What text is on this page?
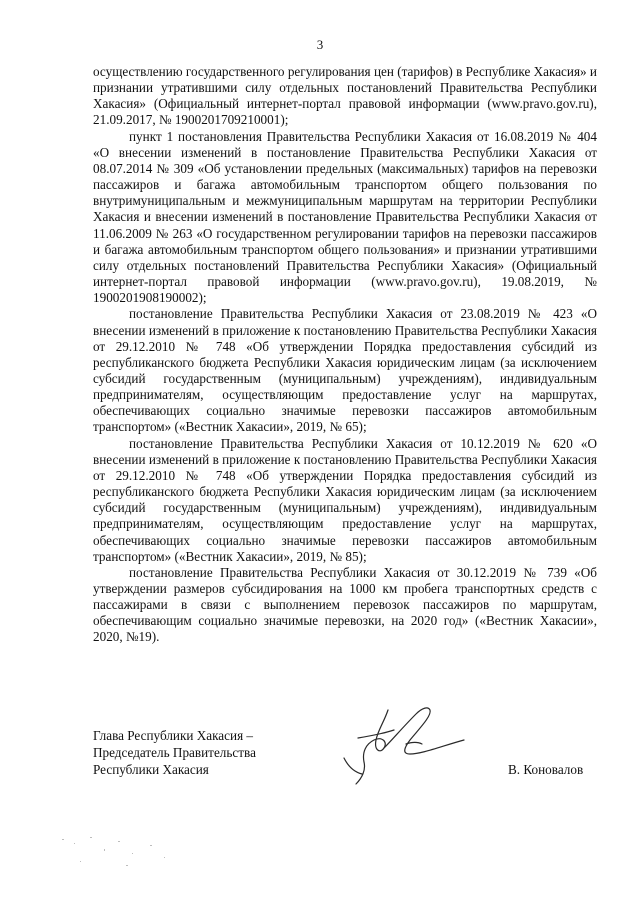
3

осуществлению государственного регулирования цен (тарифов) в Республике Хакасия» и признании утратившими силу отдельных постановлений Правительства Республики Хакасия» (Официальный интернет-портал правовой информации (www.pravo.gov.ru), 21.09.2017, № 1900201709210001);

пункт 1 постановления Правительства Республики Хакасия от 16.08.2019 № 404 «О внесении изменений в постановление Правительства Республики Хакасия от 08.07.2014 № 309 «Об установлении предельных (максимальных) тарифов на перевозки пассажиров и багажа автомобильным транспортом общего пользования по внутримуниципальным и межмуниципальным маршрутам на территории Республики Хакасия и внесении изменений в постановление Правительства Республики Хакасия от 11.06.2009 № 263 «О государственном регулировании тарифов на перевозки пассажиров и багажа автомобильным транспортом общего пользования» и признании утратившими силу отдельных постановлений Правительства Республики Хакасия» (Официальный интернет-портал правовой информации (www.pravo.gov.ru), 19.08.2019, № 1900201908190002);

постановление Правительства Республики Хакасия от 23.08.2019 № 423 «О внесении изменений в приложение к постановлению Правительства Республики Хакасия от 29.12.2010 № 748 «Об утверждении Порядка предоставления субсидий из республиканского бюджета Республики Хакасия юридическим лицам (за исключением субсидий государственным (муниципальным) учреждениям), индивидуальным предпринимателям, осуществляющим предоставление услуг на маршрутах, обеспечивающих социально значимые перевозки пассажиров автомобильным транспортом» («Вестник Хакасии», 2019, № 65);

постановление Правительства Республики Хакасия от 10.12.2019 № 620 «О внесении изменений в приложение к постановлению Правительства Республики Хакасия от 29.12.2010 № 748 «Об утверждении Порядка предоставления субсидий из республиканского бюджета Республики Хакасия юридическим лицам (за исключением субсидий государственным (муниципальным) учреждениям), индивидуальным предпринимателям, осуществляющим предоставление услуг на маршрутах, обеспечивающих социально значимые перевозки пассажиров автомобильным транспортом» («Вестник Хакасии», 2019, № 85);

постановление Правительства Республики Хакасия от 30.12.2019 № 739 «Об утверждении размеров субсидирования на 1000 км пробега транспортных средств с пассажирами в связи с выполнением перевозок пассажиров по маршрутам, обеспечивающим социально значимые перевозки, на 2020 год» («Вестник Хакасии», 2020, №19).

Глава Республики Хакасия –
Председатель Правительства
Республики Хакасия	В. Коновалов
